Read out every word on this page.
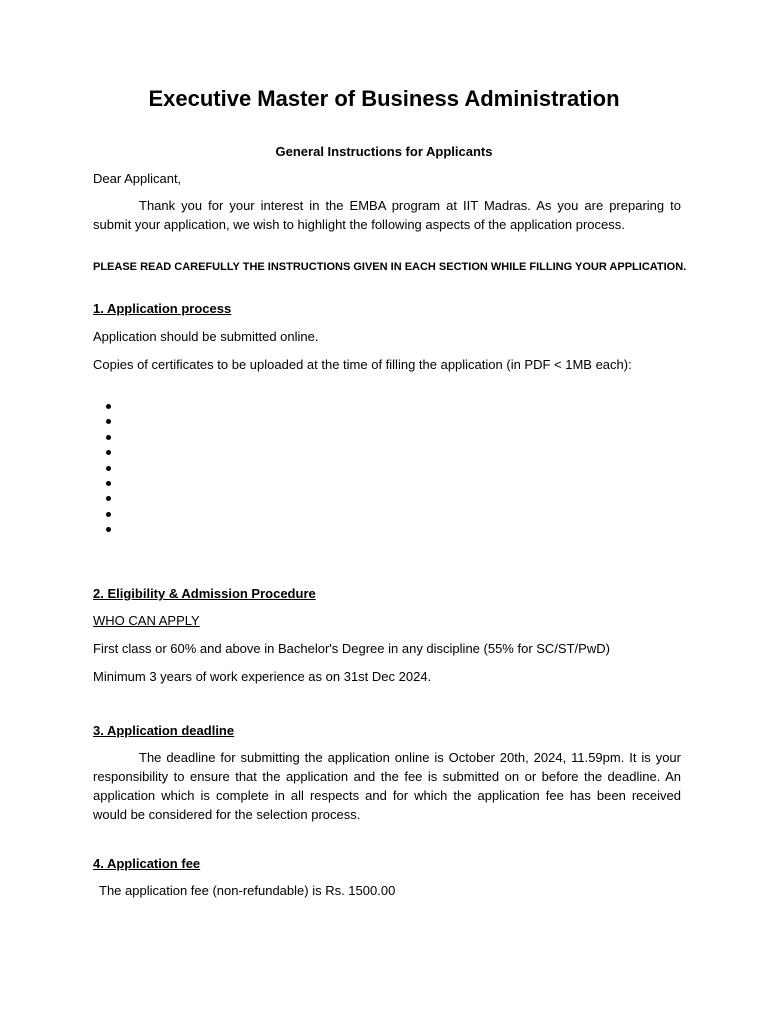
Executive Master of Business Administration
General Instructions for Applicants
Dear Applicant,
Thank you for your interest in the EMBA program at IIT Madras. As you are preparing to submit your application, we wish to highlight the following aspects of the application process.
PLEASE READ CAREFULLY THE INSTRUCTIONS GIVEN IN EACH SECTION WHILE FILLING YOUR APPLICATION.
1. Application process
Application should be submitted online.
Copies of certificates to be uploaded at the time of filling the application (in PDF < 1MB each):
2. Eligibility & Admission Procedure
WHO CAN APPLY
First class or 60% and above in Bachelor's Degree in any discipline (55% for SC/ST/PwD)
Minimum 3 years of work experience as on 31st Dec 2024.
3. Application deadline
The deadline for submitting the application online is October 20th, 2024, 11.59pm. It is your responsibility to ensure that the application and the fee is submitted on or before the deadline. An application which is complete in all respects and for which the application fee has been received would be considered for the selection process.
4. Application fee
The application fee (non-refundable) is Rs. 1500.00
